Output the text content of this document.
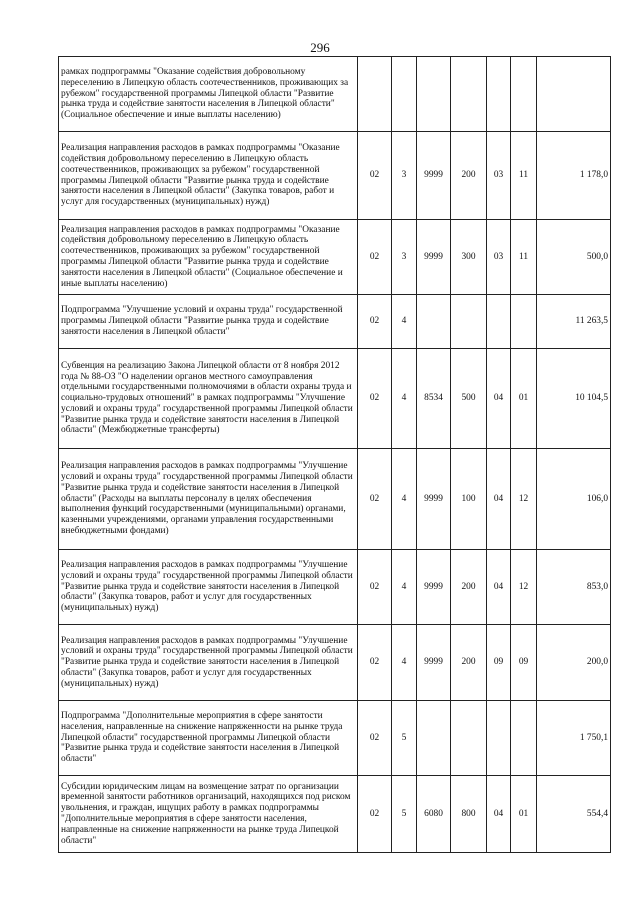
296
рамках подпрограммы "Оказание содействия добровольному переселению в Липецкую область соотечественников, проживающих за рубежом" государственной программы Липецкой области "Развитие рынка труда и содействие занятости населения в Липецкой области" (Социальное обеспечение и иные выплаты населению)							
Реализация направления расходов в рамках подпрограммы "Оказание содействия добровольному переселению в Липецкую область соотечественников, проживающих за рубежом" государственной программы Липецкой области "Развитие рынка труда и содействие занятости населения в Липецкой области" (Закупка товаров, работ и услуг для государственных (муниципальных) нужд)	02	3	9999	200	03	11	1 178,0
Реализация направления расходов в рамках подпрограммы "Оказание содействия добровольному переселению в Липецкую область соотечественников, проживающих за рубежом" государственной программы Липецкой области "Развитие рынка труда и содействие занятости населения в Липецкой области" (Социальное обеспечение и иные выплаты населению)	02	3	9999	300	03	11	500,0
Подпрограмма "Улучшение условий и охраны труда" государственной программы Липецкой области "Развитие рынка труда и содействие занятости населения в Липецкой области"	02	4					11 263,5
Субвенция на реализацию Закона Липецкой области от 8 ноября 2012 года № 88-ОЗ "О наделении органов местного самоуправления отдельными государственными полномочиями в области охраны труда и социально-трудовых отношений" в рамках подпрограммы "Улучшение условий и охраны труда" государственной программы Липецкой области "Развитие рынка труда и содействие занятости населения в Липецкой области" (Межбюджетные трансферты)	02	4	8534	500	04	01	10 104,5
Реализация направления расходов в рамках подпрограммы "Улучшение условий и охраны труда" государственной программы Липецкой области "Развитие рынка труда и содействие занятости населения в Липецкой области" (Расходы на выплаты персоналу в целях обеспечения выполнения функций государственными (муниципальными) органами, казенными учреждениями, органами управления государственными внебюджетными фондами)	02	4	9999	100	04	12	106,0
Реализация направления расходов в рамках подпрограммы "Улучшение условий и охраны труда" государственной программы Липецкой области "Развитие рынка труда и содействие занятости населения в Липецкой области" (Закупка товаров, работ и услуг для государственных (муниципальных) нужд)	02	4	9999	200	04	12	853,0
Реализация направления расходов в рамках подпрограммы "Улучшение условий и охраны труда" государственной программы Липецкой области "Развитие рынка труда и содействие занятости населения в Липецкой области" (Закупка товаров, работ и услуг для государственных (муниципальных) нужд)	02	4	9999	200	09	09	200,0
Подпрограмма "Дополнительные мероприятия в сфере занятости населения, направленные на снижение напряженности на рынке труда Липецкой области" государственной программы Липецкой области "Развитие рынка труда и содействие занятости населения в Липецкой области"	02	5					1 750,1
Субсидии юридическим лицам на возмещение затрат по организации временной занятости работников организаций, находящихся под риском увольнения, и граждан, ищущих работу в рамках подпрограммы "Дополнительные мероприятия в сфере занятости населения, направленные на снижение напряженности на рынке труда Липецкой области"	02	5	6080	800	04	01	554,4
